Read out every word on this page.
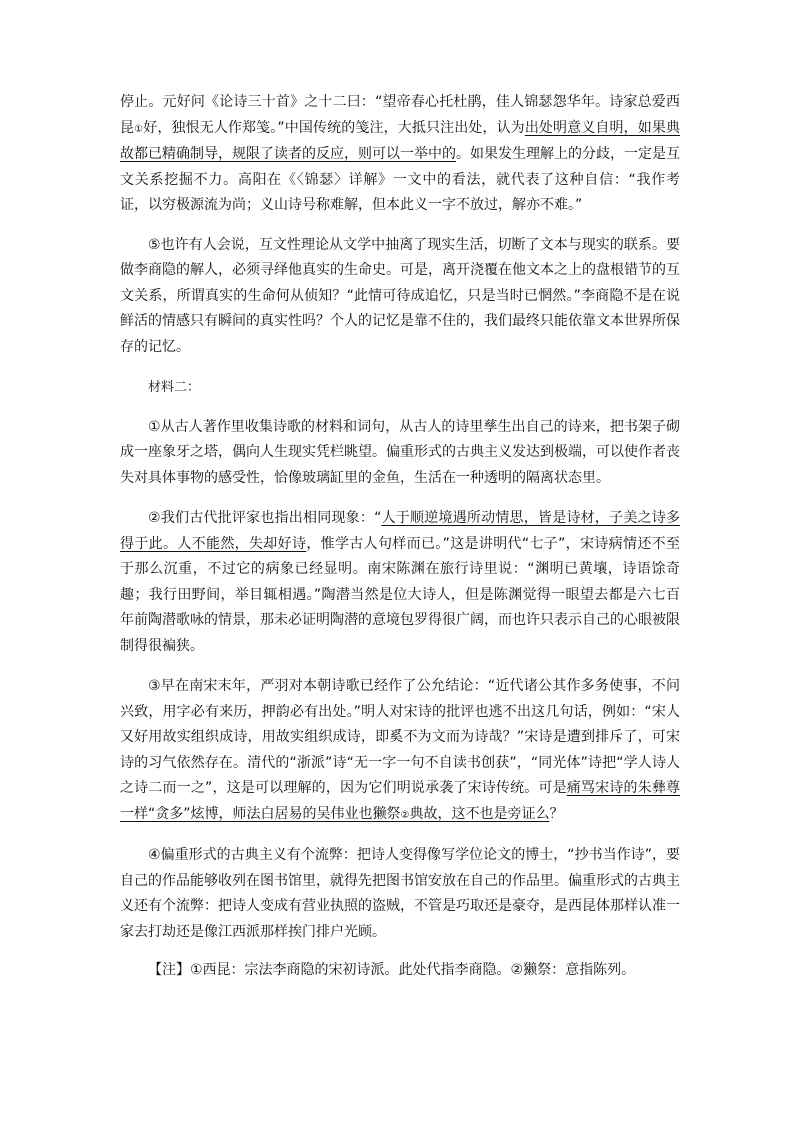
停止。元好问《论诗三十首》之十二曰：“望帝春心托杜鹃，佳人锦瑟怨华年。诗家总爱西昆①好，独恨无人作郑笺。”中国传统的笺注，大抵只注出处，认为出处明意义自明，如果典故都已精确制导，规限了读者的反应，则可以一举中的。如果发生理解上的分歧，一定是互文关系挖掘不力。高阳在《〈锦瑟〉详解》一文中的看法，就代表了这种自信：“我作考证，以穷极源流为尚；义山诗号称难解，但本此义一字不放过，解亦不难。”

⑤也许有人会说，互文性理论从文学中抽离了现实生活，切断了文本与现实的联系。要做李商隐的解人，必须寻绎他真实的生命史。可是，离开浇覆在他文本之上的盘根错节的互文关系，所谓真实的生命何从侦知？“此情可待成追忆，只是当时已惘然。”李商隐不是在说鲜活的情感只有瞬间的真实性吗？个人的记忆是靠不住的，我们最终只能依靠文本世界所保存的记忆。

材料二：

①从古人著作里收集诗歌的材料和词句，从古人的诗里孳生出自己的诗来，把书架子砌成一座象牙之塔，偶向人生现实凭栏眺望。偏重形式的古典主义发达到极端，可以使作者丧失对具体事物的感受性，恰像玻璃缸里的金鱼，生活在一种透明的隔离状态里。

②我们古代批评家也指出相同现象：“人于顺逆境遇所动情思，皆是诗材，子美之诗多得于此。人不能然，失却好诗，惟学古人句样而已。”这是讲明代“七子”，宋诗病情还不至于那么沉重，不过它的病象已经显明。南宋陈渊在旅行诗里说：“渊明已黄壤，诗语馀奇趣；我行田野间，举目辄相遇。”陶潜当然是位大诗人，但是陈渊觉得一眼望去都是六七百年前陶潜歌咏的情景，那未必证明陶潜的意境包罗得很广阔，而也许只表示自己的心眼被限制得很褊狭。

③早在南宋末年，严羽对本朝诗歌已经作了公允结论：“近代诸公其作多务使事，不问兴致，用字必有来历，押韵必有出处。”明人对宋诗的批评也逃不出这几句话，例如：“宋人又好用故实组织成诗，用故实组织成诗，即奚不为文而为诗哉？”宋诗是遭到排斥了，可宋诗的习气依然存在。清代的“浙派”诗“无一字一句不自读书创获”，“同光体”诗把“学人诗人之诗二而一之”，这是可以理解的，因为它们明说承袭了宋诗传统。可是痛骂宋诗的朱彝尊一样“贪多”炫博，师法白居易的吴伟业也獭祭②典故，这不也是旁证么？

④偏重形式的古典主义有个流弊：把诗人变得像写学位论文的博士，“抄书当作诗”，要自己的作品能够收列在图书馆里，就得先把图书馆安放在自己的作品里。偏重形式的古典主义还有个流弊：把诗人变成有营业执照的盗贼，不管是巧取还是豪夺，是西昆体那样认准一家去打劫还是像江西派那样挨门排户光顾。

【注】①西昆：宗法李商隐的宋初诗派。此处代指李商隐。②獭祭：意指陈列。
